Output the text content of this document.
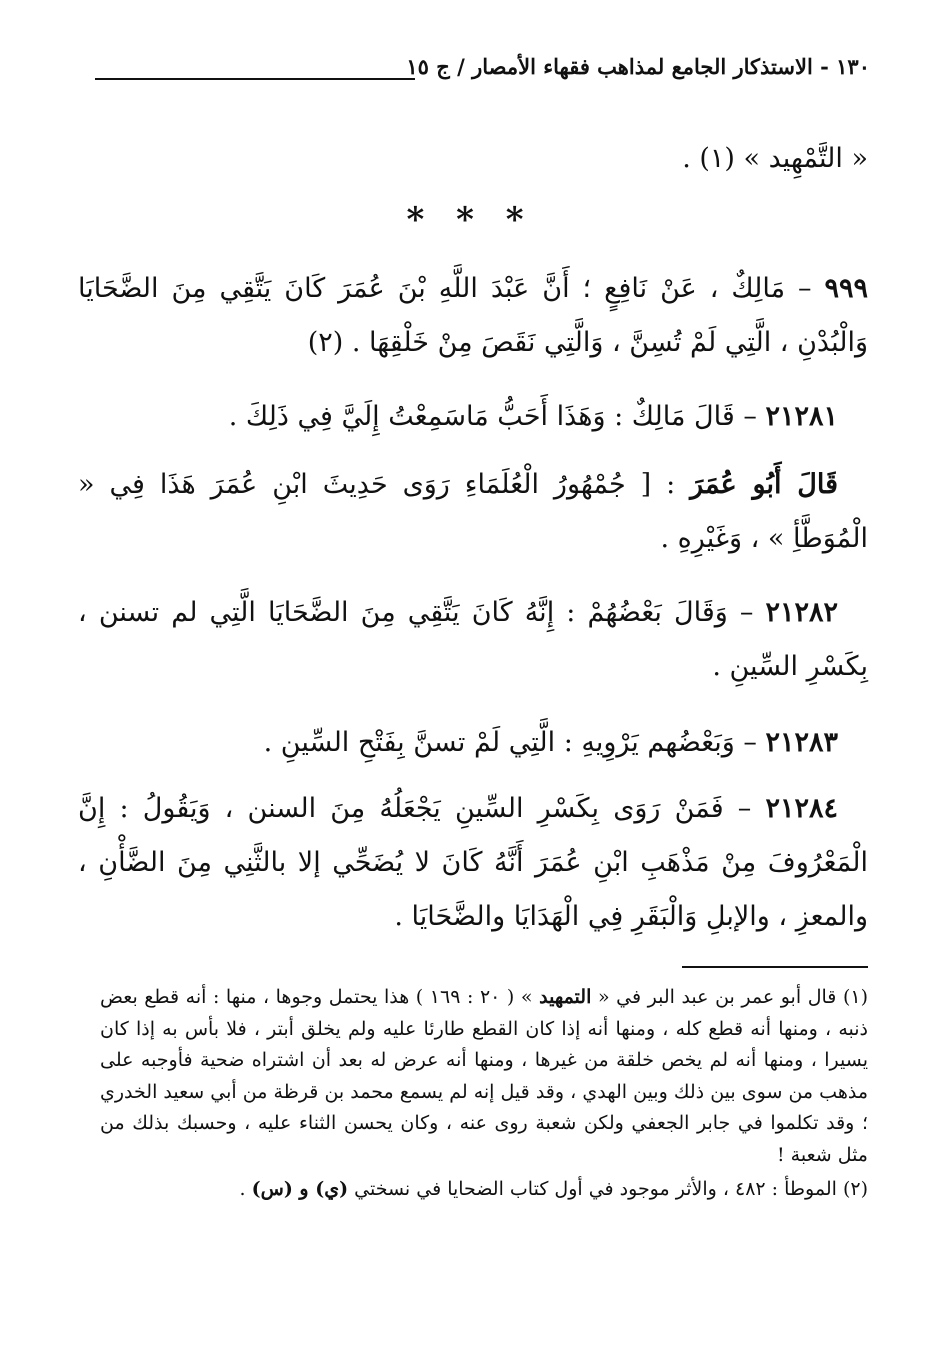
١٣٠ - الاستذكار الجامع لمذاهب فقهاء الأمصار / ج ١٥
« التَّمْهِيد » (١) .
* * *
٩٩٩ – مَالِكٌ ، عَنْ نَافِعٍ ؛ أَنَّ عَبْدَ اللَّهِ بْنَ عُمَرَ كَانَ يَتَّقِي مِنَ الضَّحَايَا وَالْبُدْنِ ، الَّتِي لَمْ تُسِنَّ ، وَالَّتِي نَقَصَ مِنْ خَلْقِهَا . (٢)
٢١٢٨١ – قَالَ مَالِكٌ : وَهَذَا أَحَبُّ مَاسَمِعْتُ إِلَيَّ فِي ذَلِكَ .
قَالَ أَبُو عُمَرَ : [ جُمْهُورُ الْعُلَمَاءِ رَوَى حَدِيثَ ابْنِ عُمَرَ هَذَا فِي « الْمُوَطَّأِ » ، وَغَيْرِهِ .
٢١٢٨٢ – وَقَالَ بَعْضُهُمْ : إِنَّهُ كَانَ يَتَّقِي مِنَ الضَّحَايَا الَّتِي لم تسنن ، بِكَسْرِ السِّينِ .
٢١٢٨٣ – وَبَعْضُهم يَرْوِيهِ : الَّتِي لَمْ تسنَّ بِفَتْحِ السِّينِ .
٢١٢٨٤ – فَمَنْ رَوَى بِكَسْرِ السِّينِ يَجْعَلُهُ مِنَ السنن ، وَيَقُولُ : إِنَّ الْمَعْرُوفَ مِنْ مَذْهَبِ ابْنِ عُمَرَ أَنَّهُ كَانَ لا يُضَحِّي إلا بالثَّنِي مِنَ الضَّأْنِ ، والمعزِ ، والإبلِ وَالْبَقَرِ فِي الْهَدَايَا والضَّحَايَا .

(١) قال أبو عمر بن عبد البر في « التمهيد » ( ٢٠ : ١٦٩ ) هذا يحتمل وجوها ، منها : أنه قطع بعض ذنبه ، ومنها أنه قطع كله ، ومنها أنه إذا كان القطع طارئا عليه ولم يخلق أبتر ، فلا بأس به إذا كان يسيرا ، ومنها أنه لم يخص خلقة من غيرها ، ومنها أنه عرض له بعد أن اشتراه ضحية فأوجبه على مذهب من سوى بين ذلك وبين الهدي ، وقد قيل إنه لم يسمع محمد بن قرظة من أبي سعيد الخدري ؛ وقد تكلموا في جابر الجعفي ولكن شعبة روى عنه ، وكان يحسن الثناء عليه ، وحسبك بذلك من مثل شعبة !

(٢) الموطأ : ٤٨٢ ، والأثر موجود في أول كتاب الضحايا في نسختي (ي) و (س) .
